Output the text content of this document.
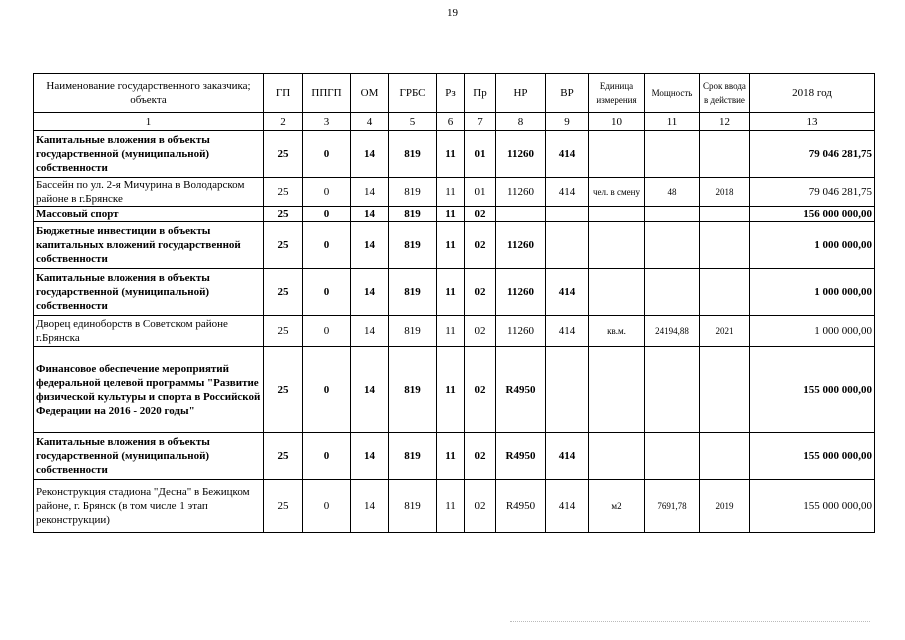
19
Наименование государственного заказчика; объекта	ГП	ППГП	ОМ	ГРБС	Рз	Пр	НР	ВР	Единица измерения	Мощность	Срок ввода в действие	2018 год
1	2	3	4	5	6	7	8	9	10	11	12	13
Капитальные вложения в объекты государственной (муниципальной) собственности	25	0	14	819	11	01	11260	414				79 046 281,75
Бассейн по ул. 2-я Мичурина в Володарском районе в г.Брянске	25	0	14	819	11	01	11260	414	чел. в смену	48	2018	79 046 281,75
Массовый спорт	25	0	14	819	11	02						156 000 000,00
Бюджетные инвестиции в объекты капитальных вложений государственной собственности	25	0	14	819	11	02	11260					1 000 000,00
Капитальные вложения в объекты государственной (муниципальной) собственности	25	0	14	819	11	02	11260	414				1 000 000,00
Дворец единоборств в Советском районе г.Брянска	25	0	14	819	11	02	11260	414	кв.м.	24194,88	2021	1 000 000,00
Финансовое обеспечение мероприятий федеральной целевой программы "Развитие физической культуры и спорта в Российской Федерации на 2016 - 2020 годы"	25	0	14	819	11	02	R4950					155 000 000,00
Капитальные вложения в объекты государственной (муниципальной) собственности	25	0	14	819	11	02	R4950	414				155 000 000,00
Реконструкция стадиона "Десна" в Бежицком районе, г. Брянск (в том числе 1 этап реконструкции)	25	0	14	819	11	02	R4950	414	м2	7691,78	2019	155 000 000,00
